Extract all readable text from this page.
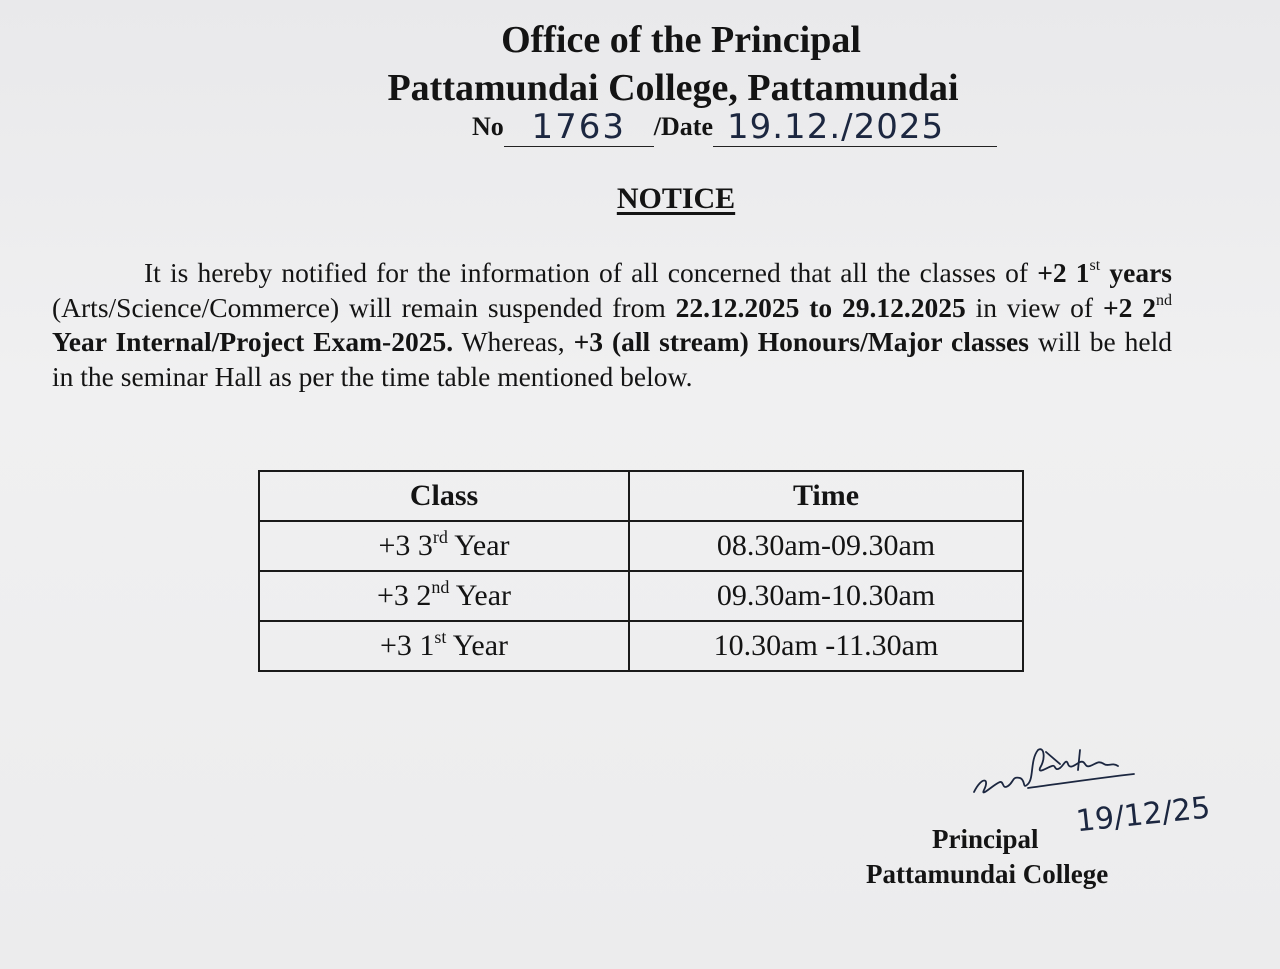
Office of the Principal
Pattamundai College, Pattamundai
No 1763 /Date 19.12./2025
NOTICE
It is hereby notified for the information of all concerned that all the classes of +2 1st years (Arts/Science/Commerce) will remain suspended from 22.12.2025 to 29.12.2025 in view of +2 2nd Year Internal/Project Exam-2025. Whereas, +3 (all stream) Honours/Major classes will be held in the seminar Hall as per the time table mentioned below.
Class	Time
+3 3rd Year	08.30am-09.30am
+3 2nd Year	09.30am-10.30am
+3 1st Year	10.30am -11.30am
19/12/25
Principal
Pattamundai College
